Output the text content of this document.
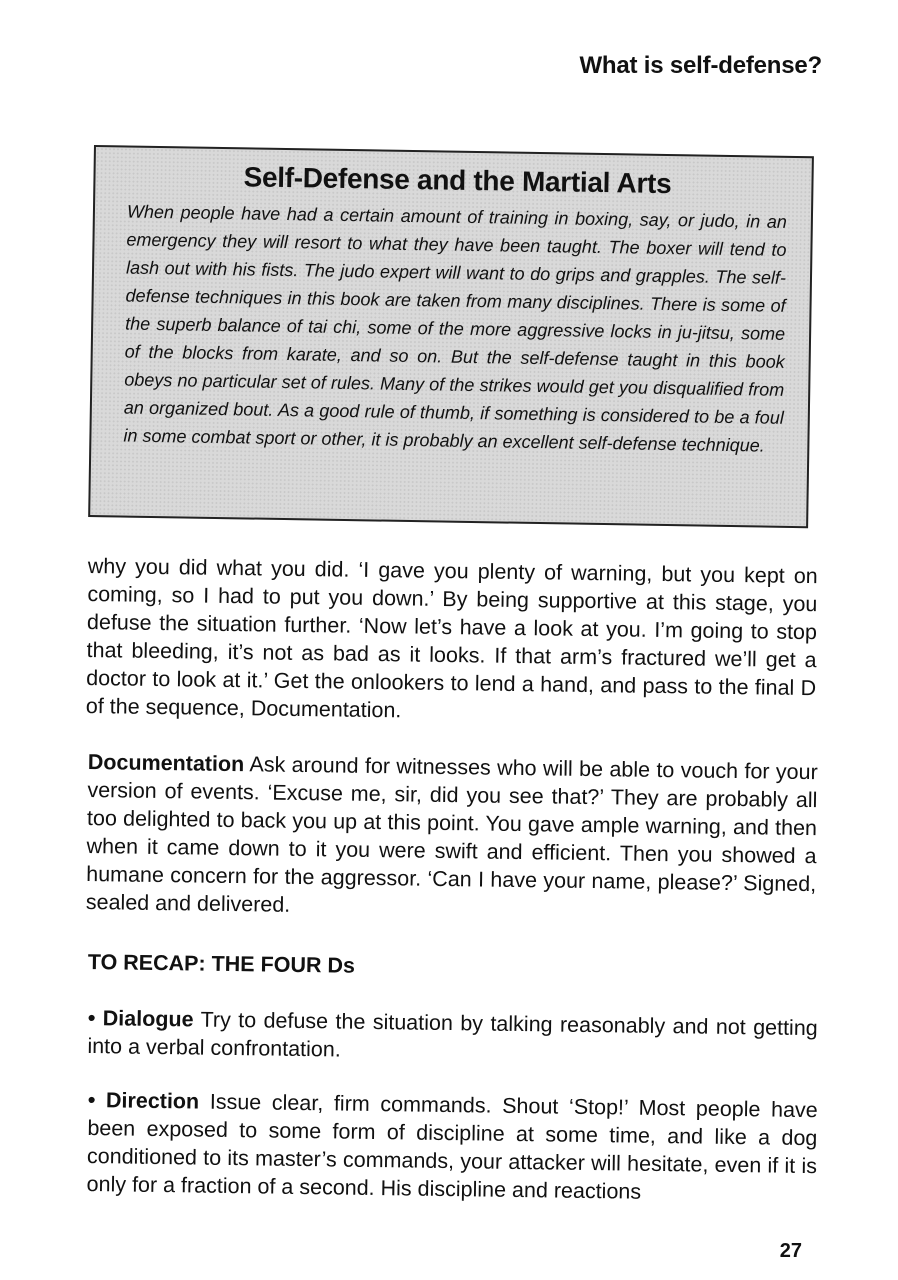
What is self-defense?
Self-Defense and the Martial Arts

When people have had a certain amount of training in boxing, say, or judo, in an emergency they will resort to what they have been taught. The boxer will tend to lash out with his fists. The judo expert will want to do grips and grapples. The self-defense techniques in this book are taken from many disciplines. There is some of the superb balance of tai chi, some of the more aggressive locks in ju-jitsu, some of the blocks from karate, and so on. But the self-defense taught in this book obeys no particular set of rules. Many of the strikes would get you disqualified from an organized bout. As a good rule of thumb, if something is considered to be a foul in some combat sport or other, it is probably an excellent self-defense technique.

why you did what you did. ‘I gave you plenty of warning, but you kept on coming, so I had to put you down.’ By being supportive at this stage, you defuse the situation further. ‘Now let’s have a look at you. I’m going to stop that bleeding, it’s not as bad as it looks. If that arm’s fractured we’ll get a doctor to look at it.’ Get the onlookers to lend a hand, and pass to the final D of the sequence, Documentation.

Documentation Ask around for witnesses who will be able to vouch for your version of events. ‘Excuse me, sir, did you see that?’ They are probably all too delighted to back you up at this point. You gave ample warning, and then when it came down to it you were swift and efficient. Then you showed a humane concern for the aggressor. ‘Can I have your name, please?’ Signed, sealed and delivered.

TO RECAP: THE FOUR Ds

• Dialogue Try to defuse the situation by talking reasonably and not getting into a verbal confrontation.

• Direction Issue clear, firm commands. Shout ‘Stop!’ Most people have been exposed to some form of discipline at some time, and like a dog conditioned to its master’s commands, your attacker will hesitate, even if it is only for a fraction of a second. His discipline and reactions

27
